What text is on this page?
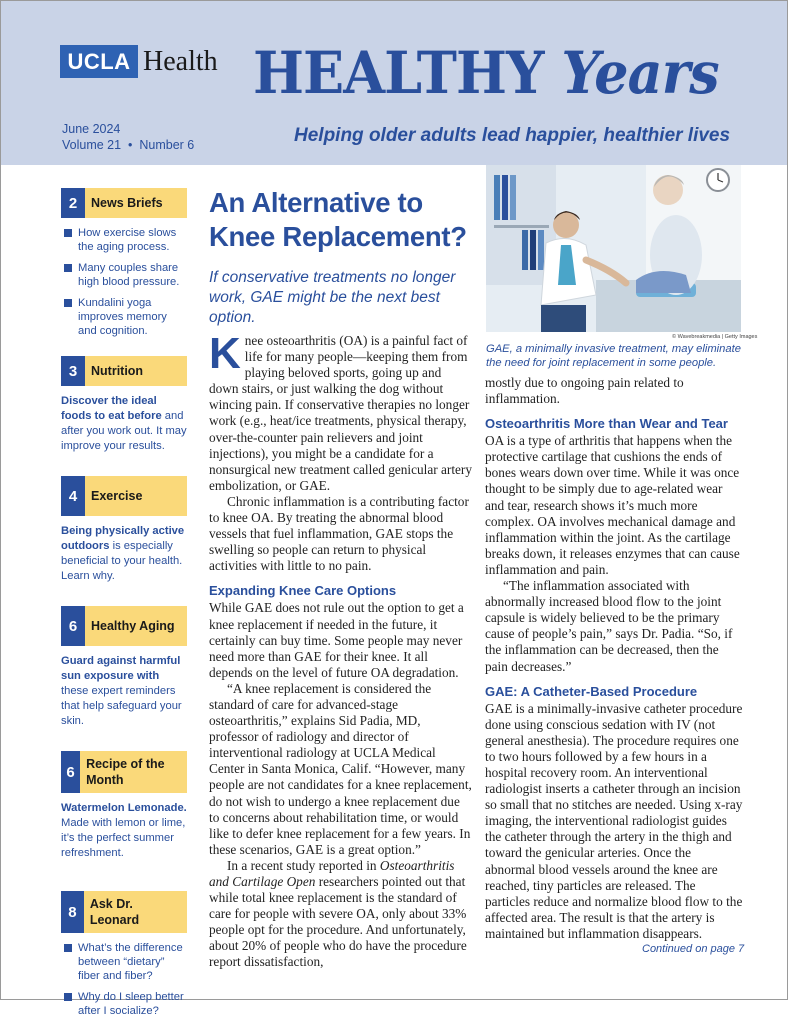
UCLA Health HEALTHY Years
June 2024
Volume 21 • Number 6	Helping older adults lead happier, healthier lives
2	News Briefs
How exercise slows the aging process.
Many couples share high blood pressure.
Kundalini yoga improves memory and cognition.
3	Nutrition
Discover the ideal foods to eat before and after you work out. It may improve your results.
4	Exercise
Being physically active outdoors is especially beneficial to your health. Learn why.
6	Healthy Aging
Guard against harmful sun exposure with these expert reminders that help safeguard your skin.
6 Recipe of the Month
Watermelon Lemonade. Made with lemon or lime, it’s the perfect summer refreshment.
8	Ask Dr. Leonard
What’s the difference between “dietary” fiber and fiber?
Why do I sleep better after I socialize?
An Alternative to Knee Replacement?
If conservative treatments no longer work, GAE might be the next best option.
© Wavebreakmedia | Getty Images
GAE, a minimally invasive treatment, may eliminate the need for joint replacement in some people.

Knee osteoarthritis (OA) is a painful fact of life for many people—keeping them from playing beloved sports, going up and down stairs, or just walking the dog without wincing pain. If conservative therapies no longer work (e.g., heat/ice treatments, physical therapy, over-the-counter pain relievers and joint injections), you might be a candidate for a nonsurgical new treatment called genicular artery embolization, or GAE.

Chronic inflammation is a contributing factor to knee OA. By treating the abnormal blood vessels that fuel inflammation, GAE stops the swelling so people can return to physical activities with little to no pain.

Expanding Knee Care Options

While GAE does not rule out the option to get a knee replacement if needed in the future, it certainly can buy time. Some people may never need more than GAE for their knee. It all depends on the level of future OA degradation.

“A knee replacement is considered the standard of care for advanced-stage osteoarthritis,” explains Sid Padia, MD, professor of radiology and director of interventional radiology at UCLA Medical Center in Santa Monica, Calif. “However, many people are not candidates for a knee replacement, do not wish to undergo a knee replacement due to concerns about rehabilitation time, or would like to defer knee replacement for a few years. In these scenarios, GAE is a great option.”

In a recent study reported in Osteoarthritis and Cartilage Open researchers pointed out that while total knee replacement is the standard of care for people with severe OA, only about 33% people opt for the procedure. And unfortunately, about 20% of people who do have the procedure report dissatisfaction,

mostly due to ongoing pain related to inflammation.

Osteoarthritis More than Wear and Tear

OA is a type of arthritis that happens when the protective cartilage that cushions the ends of bones wears down over time. While it was once thought to be simply due to age-related wear and tear, research shows it’s much more complex. OA involves mechanical damage and inflammation within the joint. As the cartilage breaks down, it releases enzymes that can cause inflammation and pain.

“The inflammation associated with abnormally increased blood flow to the joint capsule is widely believed to be the primary cause of people’s pain,” says Dr. Padia. “So, if the inflammation can be decreased, then the pain decreases.”

GAE: A Catheter-Based Procedure

GAE is a minimally-invasive catheter procedure done using conscious sedation with IV (not general anesthesia). The procedure requires one to two hours followed by a few hours in a hospital recovery room. An interventional radiologist inserts a catheter through an incision so small that no stitches are needed. Using x-ray imaging, the interventional radiologist guides the catheter through the artery in the thigh and toward the genicular arteries. Once the abnormal blood vessels around the knee are reached, tiny particles are released. The particles reduce and normalize blood flow to the affected area. The result is that the artery is maintained but inflammation disappears.

Continued on page 7
